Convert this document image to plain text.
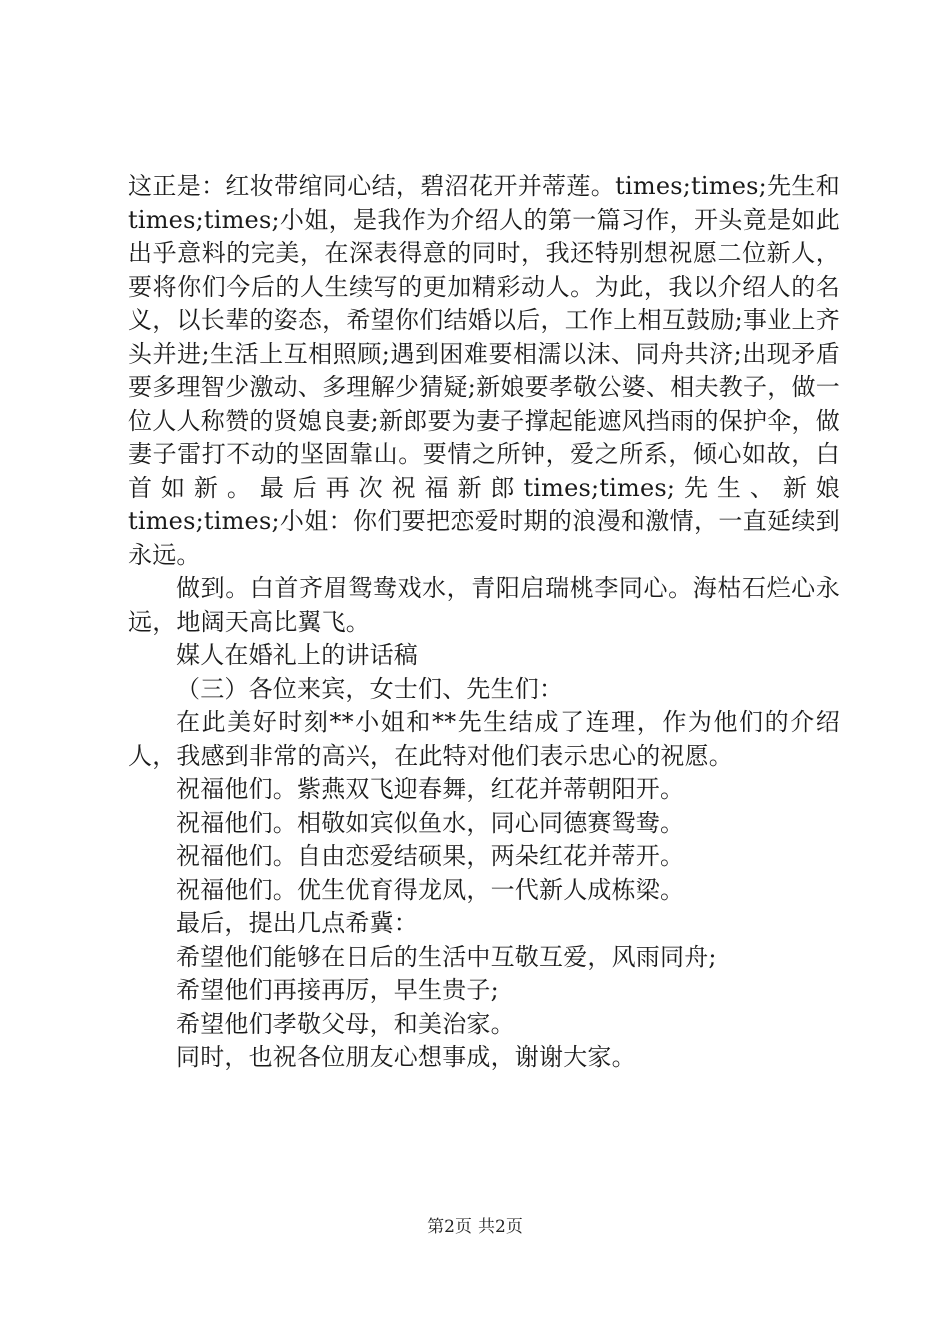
这正是：红妆带绾同心结，碧沼花开并蒂莲。times;times;先生和times;times;小姐，是我作为介绍人的第一篇习作，开头竟是如此出乎意料的完美，在深表得意的同时，我还特别想祝愿二位新人，要将你们今后的人生续写的更加精彩动人。为此，我以介绍人的名义，以长辈的姿态，希望你们结婚以后，工作上相互鼓励;事业上齐头并进;生活上互相照顾;遇到困难要相濡以沫、同舟共济;出现矛盾要多理智少激动、多理解少猜疑;新娘要孝敬公婆、相夫教子，做一位人人称赞的贤媳良妻;新郎要为妻子撑起能遮风挡雨的保护伞，做妻子雷打不动的坚固靠山。要情之所钟，爱之所系，倾心如故，白首如新。最后再次祝福新郎times;times;先生、新娘times;times;小姐：你们要把恋爱时期的浪漫和激情，一直延续到永远。

做到。白首齐眉鸳鸯戏水，青阳启瑞桃李同心。海枯石烂心永远，地阔天高比翼飞。

媒人在婚礼上的讲话稿

（三）各位来宾，女士们、先生们：

在此美好时刻**小姐和**先生结成了连理，作为他们的介绍人，我感到非常的高兴，在此特对他们表示忠心的祝愿。

祝福他们。紫燕双飞迎春舞，红花并蒂朝阳开。

祝福他们。相敬如宾似鱼水，同心同德赛鸳鸯。

祝福他们。自由恋爱结硕果，两朵红花并蒂开。

祝福他们。优生优育得龙凤，一代新人成栋梁。

最后，提出几点希冀：

希望他们能够在日后的生活中互敬互爱，风雨同舟;

希望他们再接再厉，早生贵子;

希望他们孝敬父母，和美治家。

同时，也祝各位朋友心想事成，谢谢大家。

第2页 共2页
